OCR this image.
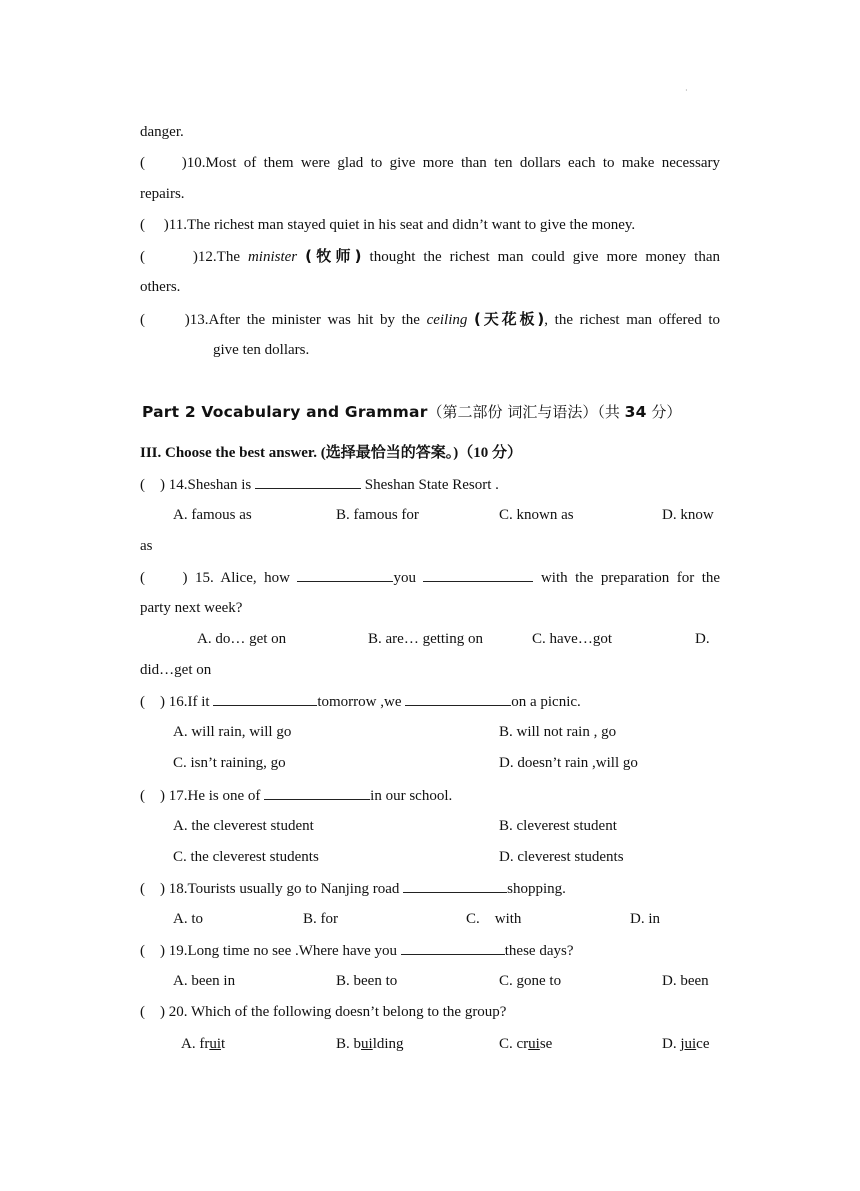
·
danger.
( )10.Most of them were glad to give more than ten dollars each to make necessary
repairs.
( )11.The richest man stayed quiet in his seat and didn’t want to give the money.
(	)12.The minister (牧师) thought the richest man could give more money than
others.
(	)13.After the minister was hit by the ceiling (天花板), the richest man offered to
give ten dollars.
Part 2 Vocabulary and Grammar（第二部份 词汇与语法）（共 34 分）
III. Choose the best answer. (选择最恰当的答案。)（10 分）
( ) 14.Sheshan is	Sheshan State Resort .
A. famous as	B. famous for	C. known as	D. know
as
( ) 15. Alice, how	you	with the preparation for the
party next week?
A. do… get on	B. are… getting on	C. have…got	D.
did…get on
( ) 16.If it	tomorrow ,we	on a picnic.
A. will rain, will go	B. will not rain , go
C. isn’t raining, go	D. doesn’t rain ,will go
( ) 17.He is one of	in our school.
A. the cleverest student	B. cleverest student
C. the cleverest students	D. cleverest students
( ) 18.Tourists usually go to Nanjing road	shopping.
A. to	B. for	C.    with	D. in
( ) 19.Long time no see .Where have you	these days?
A. been in	B. been to	C. gone to	D. been
( ) 20. Which of the following doesn’t belong to the group?
A. fruit	B. building	C. cruise	D. juice
